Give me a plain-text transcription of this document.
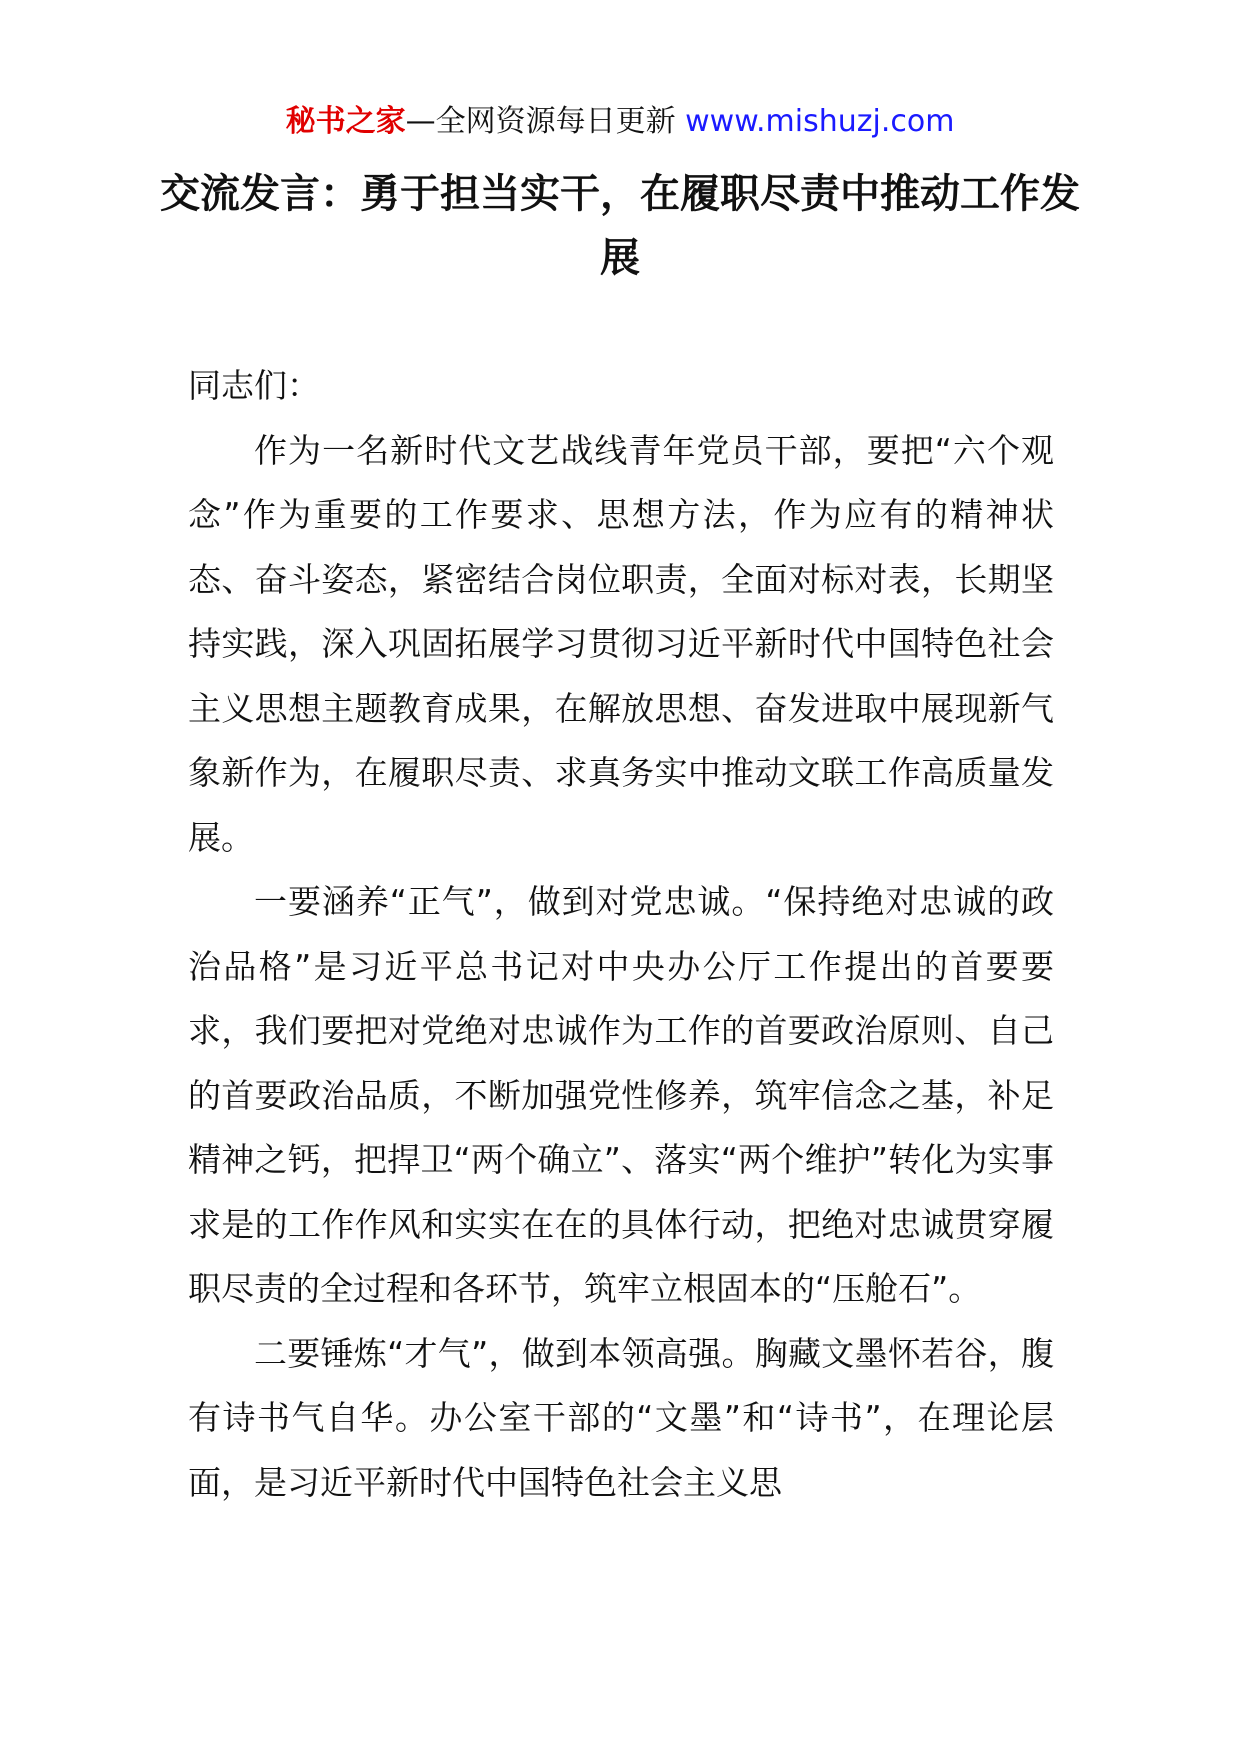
秘书之家—全网资源每日更新 www.mishuzj.com
交流发言：勇于担当实干，在履职尽责中推动工作发展

同志们：

作为一名新时代文艺战线青年党员干部，要把“六个观念”作为重要的工作要求、思想方法，作为应有的精神状态、奋斗姿态，紧密结合岗位职责，全面对标对表，长期坚持实践，深入巩固拓展学习贯彻习近平新时代中国特色社会主义思想主题教育成果，在解放思想、奋发进取中展现新气象新作为，在履职尽责、求真务实中推动文联工作高质量发展。

一要涵养“正气”，做到对党忠诚。“保持绝对忠诚的政治品格”是习近平总书记对中央办公厅工作提出的首要要求，我们要把对党绝对忠诚作为工作的首要政治原则、自己的首要政治品质，不断加强党性修养，筑牢信念之基，补足精神之钙，把捍卫“两个确立”、落实“两个维护”转化为实事求是的工作作风和实实在在的具体行动，把绝对忠诚贯穿履职尽责的全过程和各环节，筑牢立根固本的“压舱石”。

二要锤炼“才气”，做到本领高强。胸藏文墨怀若谷，腹有诗书气自华。办公室干部的“文墨”和“诗书”，在理论层面，是习近平新时代中国特色社会主义思
